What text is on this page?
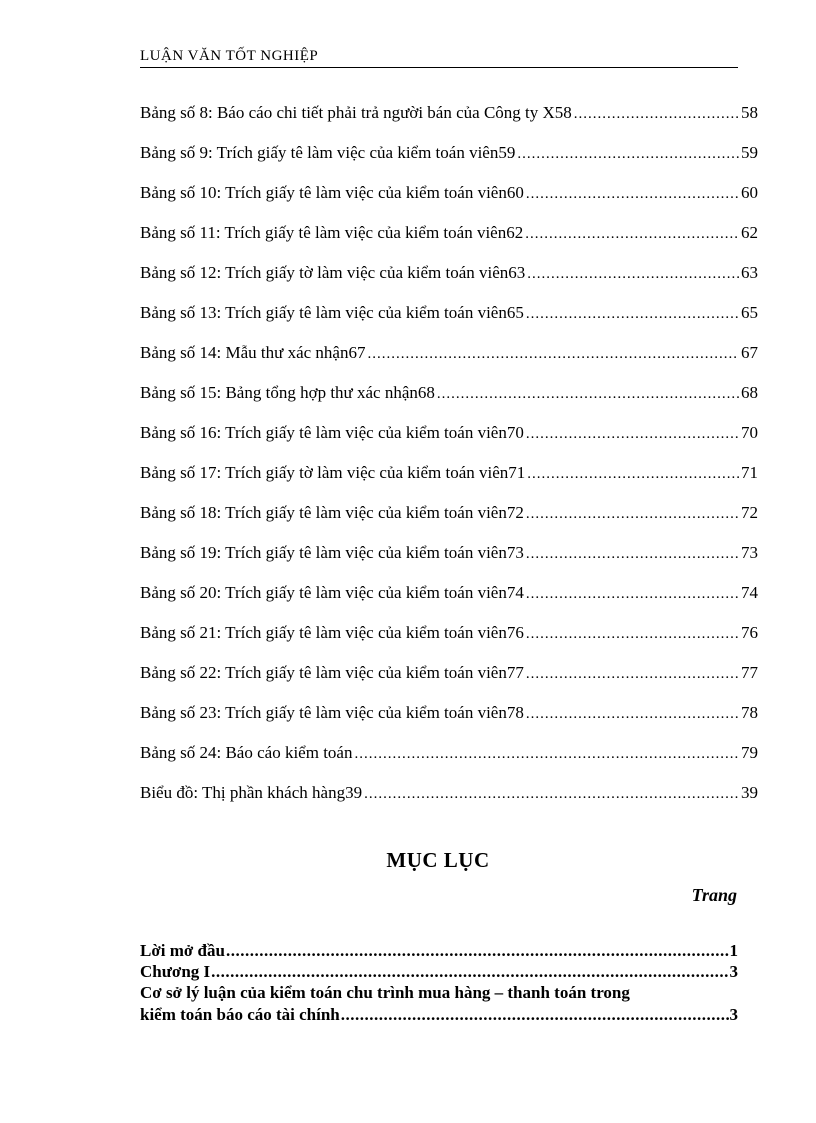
LUẬN VĂN TỐT NGHIỆP
Bảng số 8: Báo cáo chi tiết phải trả người bán của Công ty X58 .....	58
Bảng số 9: Trích giấy tê làm việc của kiểm toán viên59 .....	59
Bảng số 10: Trích giấy tê làm việc của kiểm toán viên60 .....	60
Bảng số 11: Trích giấy tê làm việc của kiểm toán viên62 .....	62
Bảng số 12: Trích giấy tờ làm việc của kiểm toán viên63 .....	63
Bảng số 13: Trích giấy tê làm việc của kiểm toán viên65 .....	65
Bảng số 14: Mẫu thư xác nhận67 .....	67
Bảng số 15: Bảng tổng hợp thư xác nhận68 .....	68
Bảng số 16: Trích giấy tê làm việc của kiểm toán viên70 .....	70
Bảng số 17: Trích giấy tờ làm việc của kiểm toán viên71 .....	71
Bảng số 18: Trích giấy tê làm việc của kiểm toán viên72 .....	72
Bảng số 19: Trích giấy tê làm việc của kiểm toán viên73 .....	73
Bảng số 20: Trích giấy tê làm việc của kiểm toán viên74 .....	74
Bảng số 21: Trích giấy tê làm việc của kiểm toán viên76 .....	76
Bảng số 22: Trích giấy tê làm việc của kiểm toán viên77 .....	77
Bảng số 23: Trích giấy tê làm việc của kiểm toán viên78 .....	78
Bảng số 24: Báo cáo kiểm toán .....	79
Biểu đồ: Thị phần khách hàng39 .....	39
MỤC LỤC
Trang
Lời mở đầu .....	1
Chương I .....	3
Cơ sở lý luận của kiểm toán chu trình mua hàng – thanh toán trong
kiểm toán báo cáo tài chính .....	3
